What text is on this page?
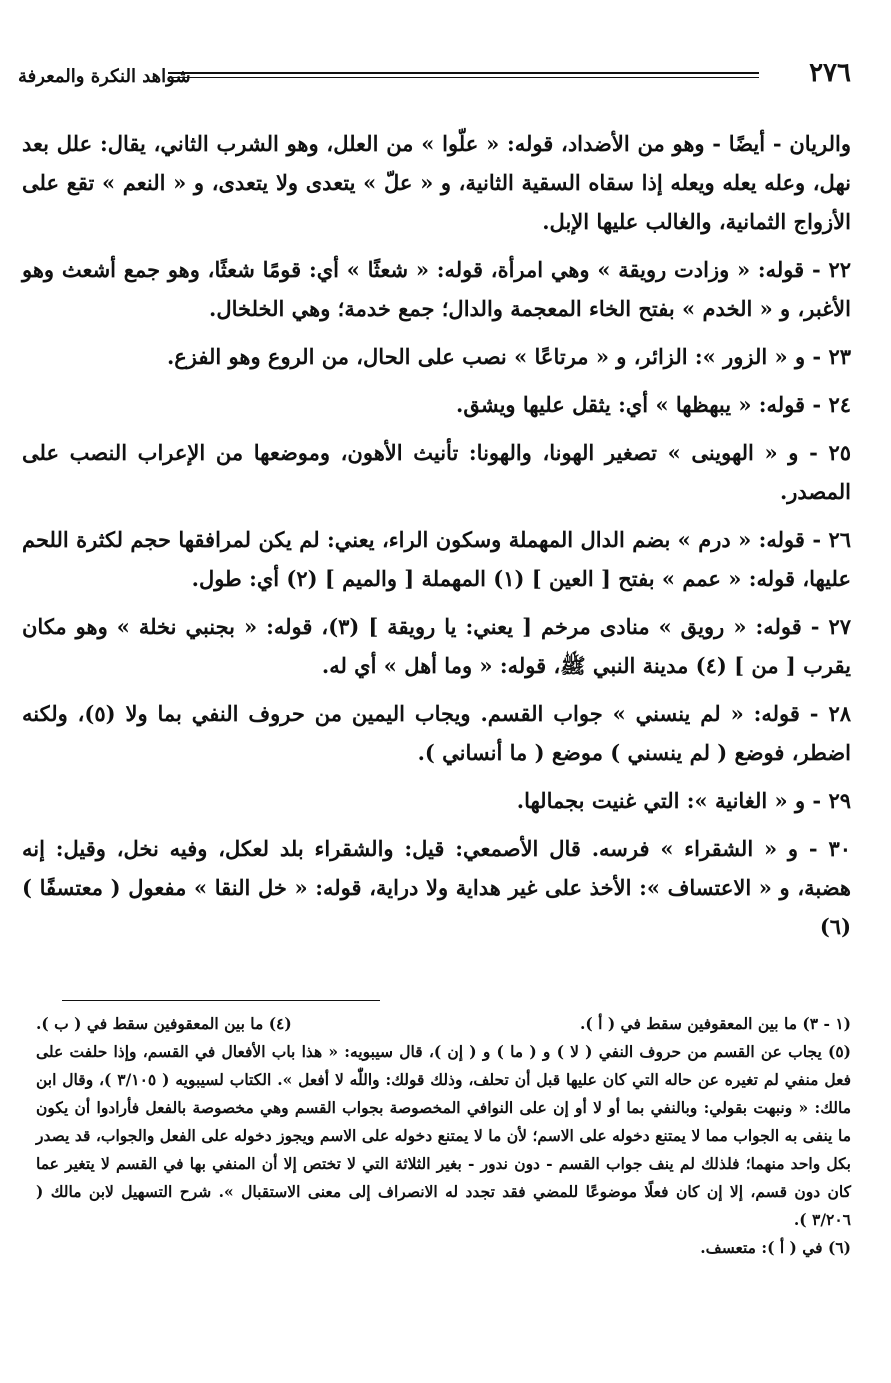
٢٧٦
شواهد النكرة والمعرفة

والريان - أيضًا - وهو من الأضداد، قوله: « علّوا » من العلل، وهو الشرب الثاني، يقال: علل بعد نهل، وعله يعله ويعله إذا سقاه السقية الثانية، و « علّ » يتعدى ولا يتعدى، و « النعم » تقع على الأزواج الثمانية، والغالب عليها الإبل.

٢٢ - قوله: « وزادت رويقة » وهي امرأة، قوله: « شعثًا » أي: قومًا شعثًا، وهو جمع أشعث وهو الأغبر، و « الخدم » بفتح الخاء المعجمة والدال؛ جمع خدمة؛ وهي الخلخال.

٢٣ - و « الزور »: الزائر، و « مرتاعًا » نصب على الحال، من الروع وهو الفزع.

٢٤ - قوله: « يبهظها » أي: يثقل عليها ويشق.

٢٥ - و « الهوينى » تصغير الهونا، والهونا: تأنيث الأهون، وموضعها من الإعراب النصب على المصدر.

٢٦ - قوله: « درم » بضم الدال المهملة وسكون الراء، يعني: لم يكن لمرافقها حجم لكثرة اللحم عليها، قوله: « عمم » بفتح [ العين ] (١) المهملة [ والميم ] (٢) أي: طول.

٢٧ - قوله: « رويق » منادى مرخم [ يعني: يا رويقة ] (٣)، قوله: « بجنبي نخلة » وهو مكان يقرب [ من ] (٤) مدينة النبي ﷺ، قوله: « وما أهل » أي له.

٢٨ - قوله: « لم ينسني » جواب القسم. ويجاب اليمين من حروف النفي بما ولا (٥)، ولكنه اضطر، فوضع ( لم ينسني ) موضع ( ما أنساني ).

٢٩ - و « الغانية »: التي غنيت بجمالها.

٣٠ - و « الشقراء » فرسه. قال الأصمعي: قيل: والشقراء بلد لعكل، وفيه نخل، وقيل: إنه هضبة، و « الاعتساف »: الأخذ على غير هداية ولا دراية، قوله: « خل النقا » مفعول ( معتسفًا ) (٦)

(١ - ٣) ما بين المعقوفين سقط في ( أ ).

(٤) ما بين المعقوفين سقط في ( ب ).

(٥) يجاب عن القسم من حروف النفي ( لا ) و ( ما ) و ( إن )، قال سيبويه: « هذا باب الأفعال في القسم، وإذا حلفت على فعل منفي لم تغيره عن حاله التي كان عليها قبل أن تحلف، وذلك قولك: واللّٰه لا أفعل ». الكتاب لسيبويه ( ٣/١٠٥ )، وقال ابن مالك: « ونبهت بقولي: وبالنفي بما أو لا أو إن على النوافي المخصوصة بجواب القسم وهي مخصوصة بالفعل فأرادوا أن يكون ما ينفى به الجواب مما لا يمتنع دخوله على الاسم؛ لأن ما لا يمتنع دخوله على الاسم ويجوز دخوله على الفعل والجواب، قد يصدر بكل واحد منهما؛ فلذلك لم ينف جواب القسم - دون ندور - بغير الثلاثة التي لا تختص إلا أن المنفي بها في القسم لا يتغير عما كان دون قسم، إلا إن كان فعلًا موضوعًا للمضي فقد تجدد له الانصراف إلى معنى الاستقبال ». شرح التسهيل لابن مالك ( ٣/٢٠٦ ).

(٦) في ( أ ): متعسف.
